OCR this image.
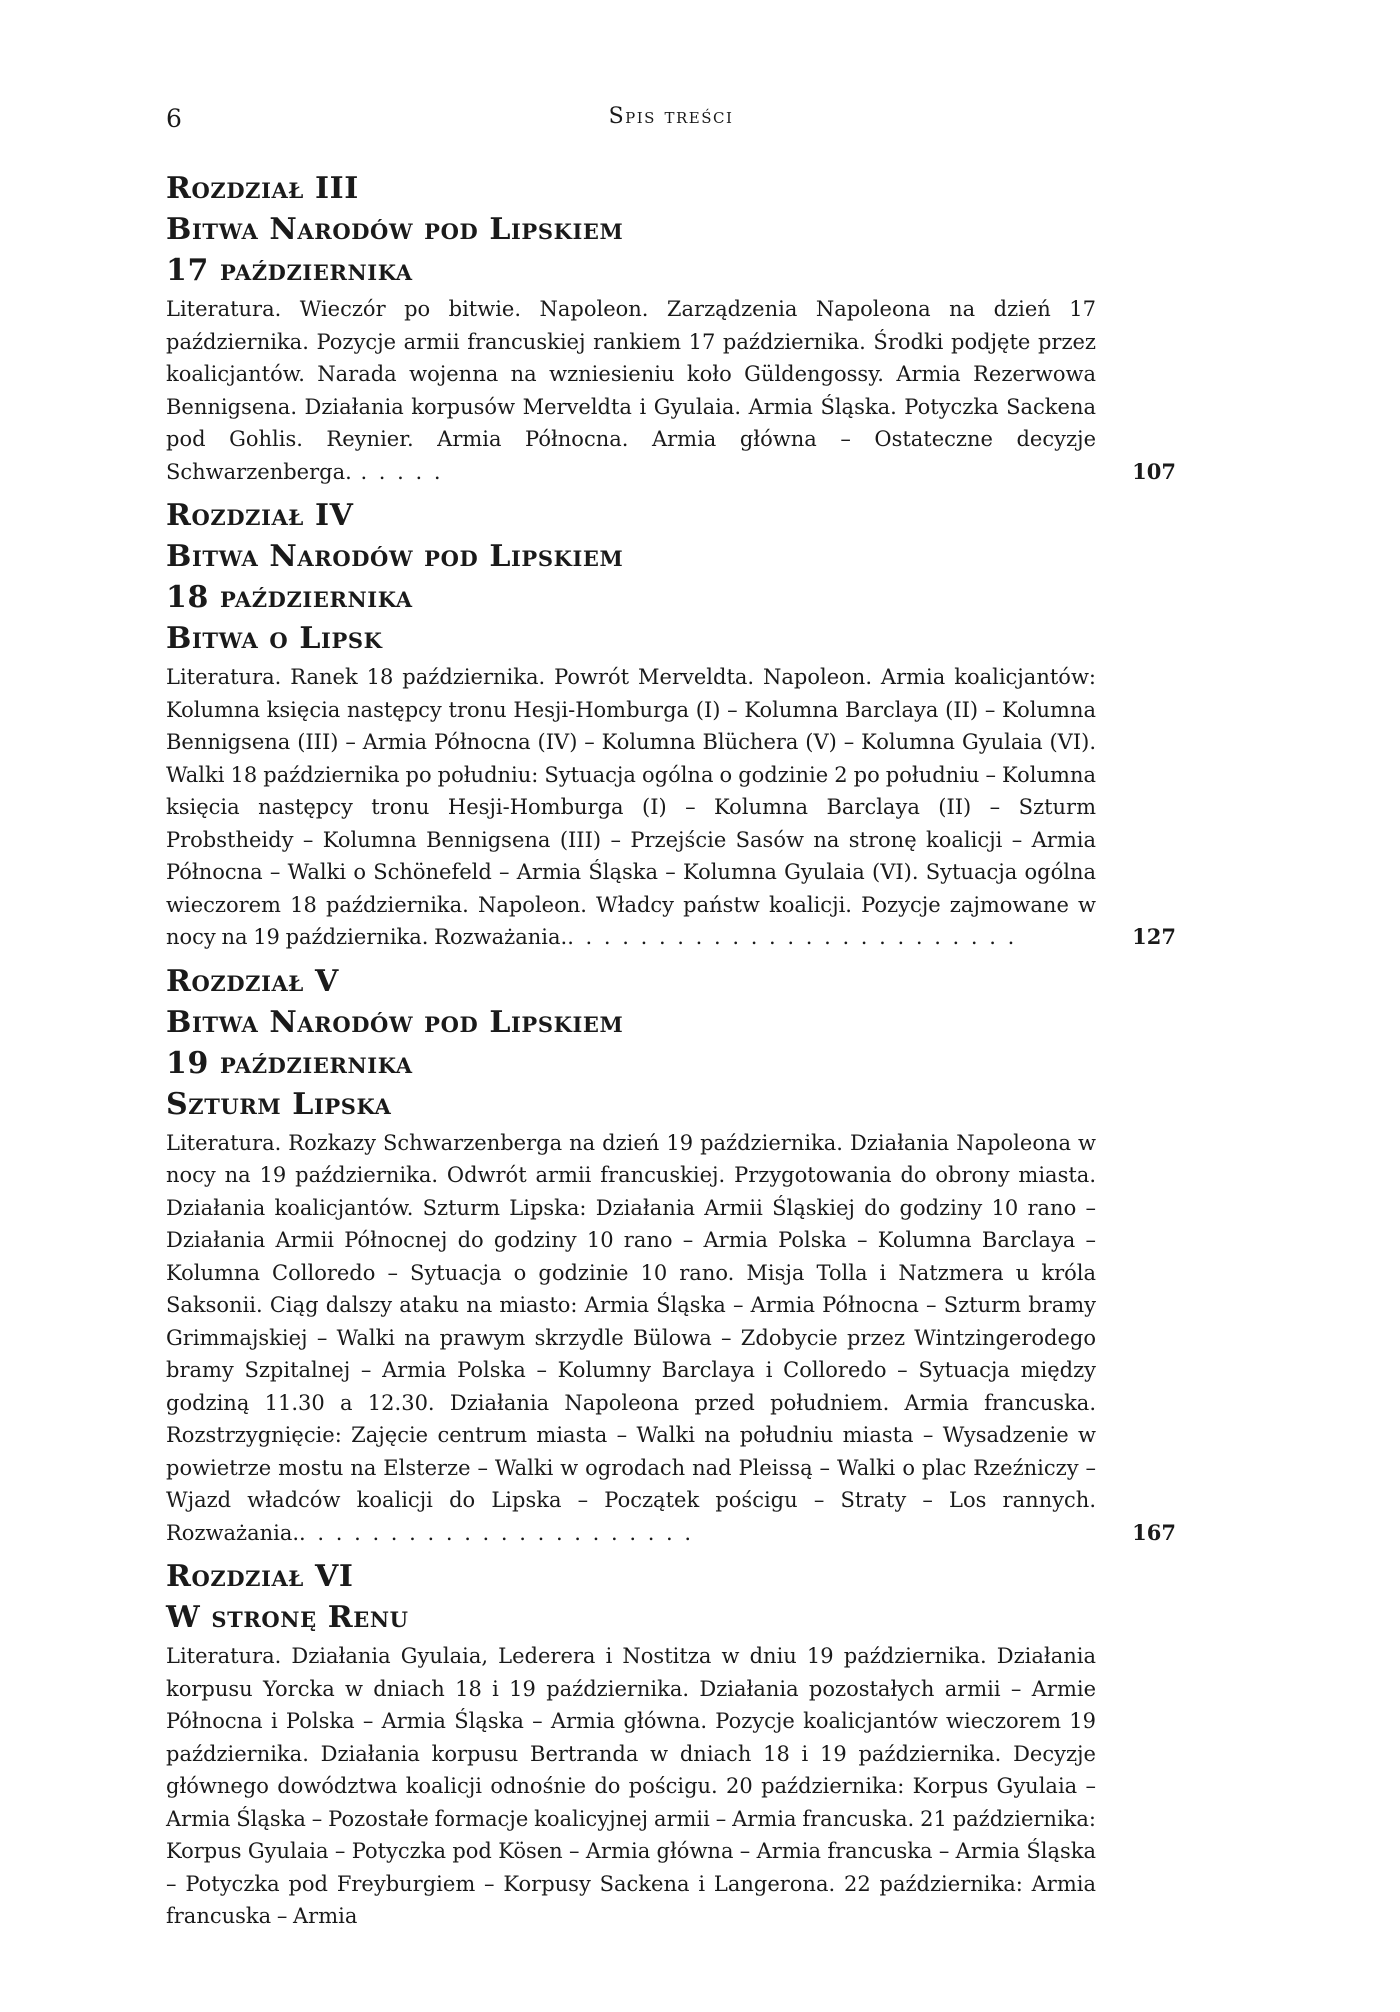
6	Spis treści
Rozdział III
Bitwa Narodów pod Lipskiem
17 października

Literatura. Wieczór po bitwie. Napoleon. Zarządzenia Napoleona na dzień 17 października. Pozycje armii francuskiej rankiem 17 października. Środki podjęte przez koalicjantów. Narada wojenna na wzniesieniu koło Güldengossy. Armia Rezerwowa Bennigsena. Działania korpusów Merveldta i Gyulaia. Armia Śląska. Potyczka Sackena pod Gohlis. Reynier. Armia Północna. Armia główna – Ostateczne decyzje Schwarzenberga. . . . . .	107
Rozdział IV
Bitwa Narodów pod Lipskiem
18 października
Bitwa o Lipsk

Literatura. Ranek 18 października. Powrót Merveldta. Napoleon. Armia koalicjantów: Kolumna księcia następcy tronu Hesji-Homburga (I) – Kolumna Barclaya (II) – Kolumna Bennigsena (III) – Armia Północna (IV) – Kolumna Blüchera (V) – Kolumna Gyulaia (VI). Walki 18 października po południu: Sytuacja ogólna o godzinie 2 po południu – Kolumna księcia następcy tronu Hesji-Homburga (I) – Kolumna Barclaya (II) – Szturm Probstheidy – Kolumna Bennigsena (III) – Przejście Sasów na stronę koalicji – Armia Północna – Walki o Schönefeld – Armia Śląska – Kolumna Gyulaia (VI). Sytuacja ogólna wieczorem 18 października. Napoleon. Władcy państw koalicji. Pozycje zajmowane w nocy na 19 października. Rozważania.. . . . . . . . . . . . . . . . . . . . . . . . .	127
Rozdział V
Bitwa Narodów pod Lipskiem
19 października
Szturm Lipska

Literatura. Rozkazy Schwarzenberga na dzień 19 października. Działania Napoleona w nocy na 19 października. Odwrót armii francuskiej. Przygotowania do obrony miasta. Działania koalicjantów. Szturm Lipska: Działania Armii Śląskiej do godziny 10 rano – Działania Armii Północnej do godziny 10 rano – Armia Polska – Kolumna Barclaya – Kolumna Colloredo – Sytuacja o godzinie 10 rano. Misja Tolla i Natzmera u króla Saksonii. Ciąg dalszy ataku na miasto: Armia Śląska – Armia Północna – Szturm bramy Grimmajskiej – Walki na prawym skrzydle Bülowa – Zdobycie przez Wintzingerodego bramy Szpitalnej – Armia Polska – Kolumny Barclaya i Colloredo – Sytuacja między godziną 11.30 a 12.30. Działania Napoleona przed południem. Armia francuska. Rozstrzygnięcie: Zajęcie centrum miasta – Walki na południu miasta – Wysadzenie w powietrze mostu na Elsterze – Walki w ogrodach nad Pleissą – Walki o plac Rzeźniczy – Wjazd władców koalicji do Lipska – Początek pościgu – Straty – Los rannych. Rozważania.. . . . . . . . . . . . . . . . . . . . . .	167
Rozdział VI
W stronę Renu

Literatura. Działania Gyulaia, Lederera i Nostitza w dniu 19 października. Działania korpusu Yorcka w dniach 18 i 19 października. Działania pozostałych armii – Armie Północna i Polska – Armia Śląska – Armia główna. Pozycje koalicjantów wieczorem 19 października. Działania korpusu Bertranda w dniach 18 i 19 października. Decyzje głównego dowództwa koalicji odnośnie do pościgu. 20 października: Korpus Gyulaia – Armia Śląska – Pozostałe formacje koalicyjnej armii – Armia francuska. 21 października: Korpus Gyulaia – Potyczka pod Kösen – Armia główna – Armia francuska – Armia Śląska – Potyczka pod Freyburgiem – Korpusy Sackena i Langerona. 22 października: Armia francuska – Armia
